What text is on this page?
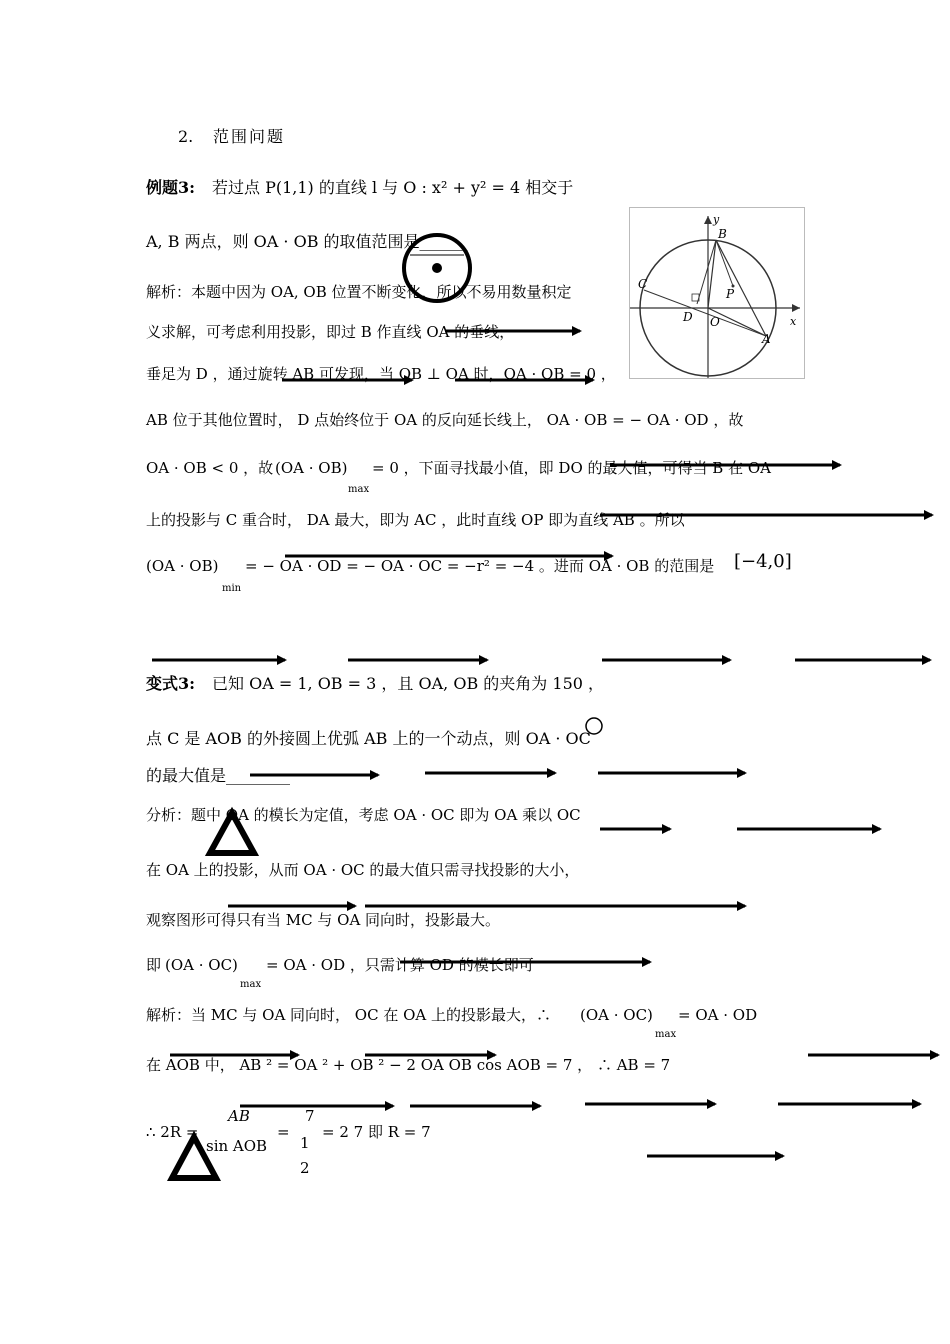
2. 范围问题
例题3: 若过点 P(1,1) 的直线 l 与 O : x² + y² = 4 相交于
A, B 两点，则 OA · OB 的取值范围是______
解析：本题中因为 OA, OB 位置不断变化，所以不易用数量积定
义求解，可考虑利用投影，即过 B 作直线 OA 的垂线，
垂足为 D ，通过旋转 AB 可发现，当 OB ⊥ OA 时，OA · OB = 0 ，
AB 位于其他位置时， D 点始终位于 OA 的反向延长线上， OA · OB = − OA · OD ，故
OA · OB < 0 ，故 (OA · OB)
max
= 0 ，下面寻找最小值，即 DO 的最大值，可得当 B 在 OA
上的投影与 C 重合时， DA 最大，即为 AC ，此时直线 OP 即为直线 AB 。所以
(OA · OB)
min
= − OA · OD = − OA · OC = −r² = −4 。进而 OA · OB 的范围是 [−4,0]
变式3: 已知 OA = 1, OB = 3 ，且 OA, OB 的夹角为 150 ，
点 C 是 AOB 的外接圆上优弧 AB 上的一个动点，则 OA · OC
的最大值是________
分析：题中 OA 的模长为定值，考虑 OA · OC 即为 OA 乘以 OC
在 OA 上的投影，从而 OA · OC 的最大值只需寻找投影的大小，
观察图形可得只有当 MC 与 OA 同向时，投影最大。
即 (OA · OC)
max
= OA · OD ，只需计算 OD 的模长即可
解析：当 MC 与 OA 同向时， OC 在 OA 上的投影最大，∴ (OA · OC)
max
= OA · OD
在 AOB 中， AB ² = OA ² + OB ² − 2 OA OB cos AOB = 7 ， ∴ AB = 7
∴ 2R =
AB
sin AOB
=
7
1
2
= 2 7 即 R = 7
y
B
C
P
D O	x
A
